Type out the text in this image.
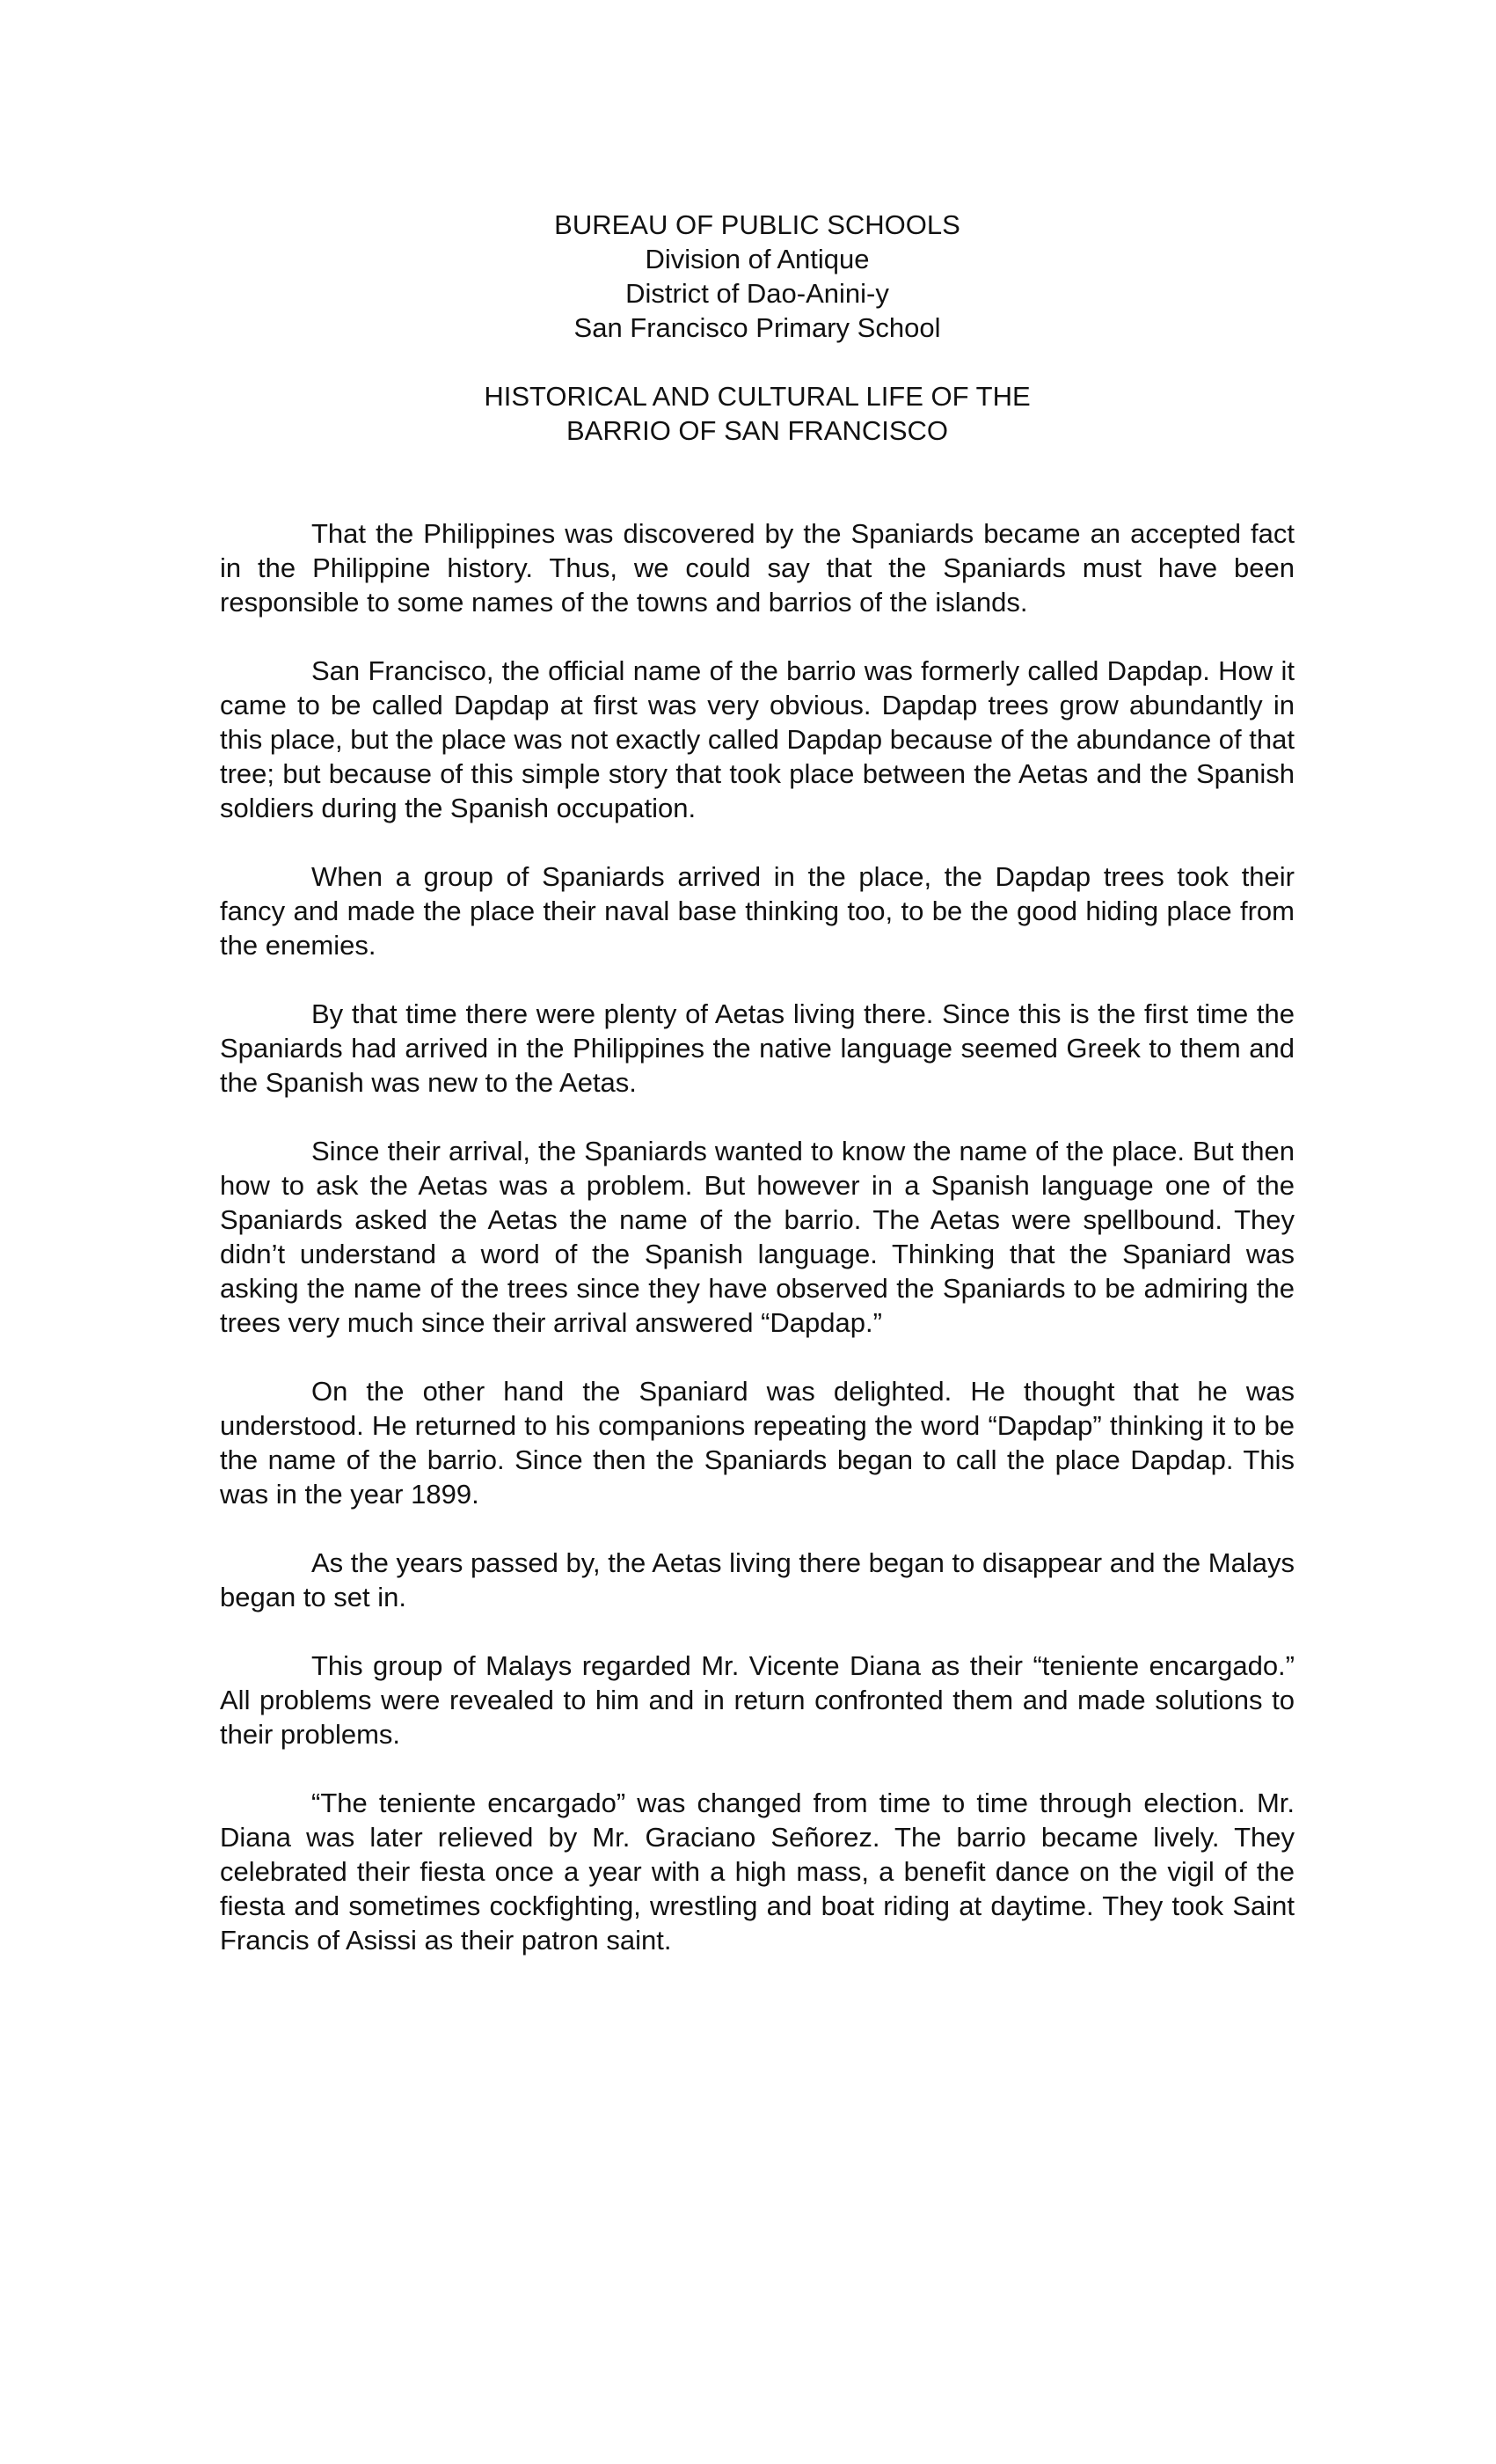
BUREAU OF PUBLIC SCHOOLS
Division of Antique
District of Dao-Anini-y
San Francisco Primary School
HISTORICAL AND CULTURAL LIFE OF THE
BARRIO OF SAN FRANCISCO

That the Philippines was discovered by the Spaniards became an accepted fact in the Philippine history. Thus, we could say that the Spaniards must have been responsible to some names of the towns and barrios of the islands.

San Francisco, the official name of the barrio was formerly called Dapdap. How it came to be called Dapdap at first was very obvious. Dapdap trees grow abundantly in this place, but the place was not exactly called Dapdap because of the abundance of that tree; but because of this simple story that took place between the Aetas and the Spanish soldiers during the Spanish occupation.

When a group of Spaniards arrived in the place, the Dapdap trees took their fancy and made the place their naval base thinking too, to be the good hiding place from the enemies.

By that time there were plenty of Aetas living there. Since this is the first time the Spaniards had arrived in the Philippines the native language seemed Greek to them and the Spanish was new to the Aetas.

Since their arrival, the Spaniards wanted to know the name of the place. But then how to ask the Aetas was a problem. But however in a Spanish language one of the Spaniards asked the Aetas the name of the barrio. The Aetas were spellbound. They didn’t understand a word of the Spanish language. Thinking that the Spaniard was asking the name of the trees since they have observed the Spaniards to be admiring the trees very much since their arrival answered “Dapdap.”

On the other hand the Spaniard was delighted. He thought that he was understood. He returned to his companions repeating the word “Dapdap” thinking it to be the name of the barrio. Since then the Spaniards began to call the place Dapdap. This was in the year 1899.

As the years passed by, the Aetas living there began to disappear and the Malays began to set in.

This group of Malays regarded Mr. Vicente Diana as their “teniente encargado.” All problems were revealed to him and in return confronted them and made solutions to their problems.

“The teniente encargado” was changed from time to time through election. Mr. Diana was later relieved by Mr. Graciano Señorez. The barrio became lively. They celebrated their fiesta once a year with a high mass, a benefit dance on the vigil of the fiesta and sometimes cockfighting, wrestling and boat riding at daytime. They took Saint Francis of Asissi as their patron saint.
